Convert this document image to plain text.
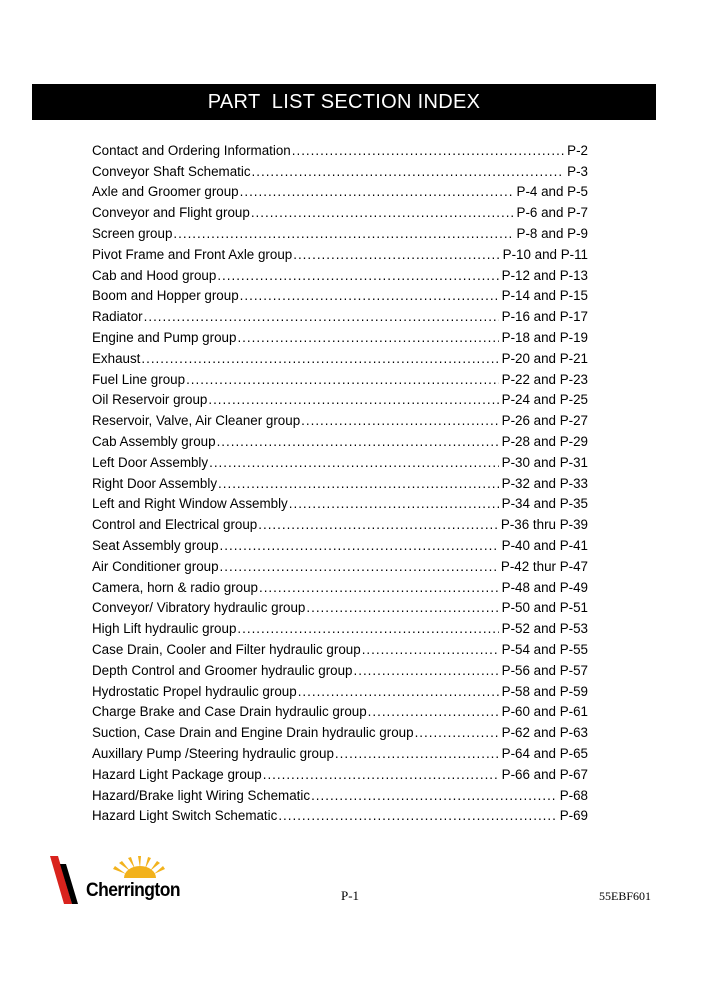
PART  LIST SECTION INDEX
Contact and Ordering Information .....	P-2
Conveyor Shaft Schematic .....	P-3
Axle and Groomer group .....	P-4 and P-5
Conveyor and Flight group .....	P-6 and P-7
Screen group .....	P-8 and P-9
Pivot Frame and Front Axle group .....	P-10 and P-11
Cab and Hood group .....	P-12 and P-13
Boom and Hopper group .....	P-14 and P-15
Radiator .....	P-16 and P-17
Engine and Pump group .....	P-18 and P-19
Exhaust .....	P-20 and P-21
Fuel Line group .....	P-22 and P-23
Oil Reservoir group .....	P-24 and P-25
Reservoir, Valve, Air Cleaner group .....	P-26 and P-27
Cab Assembly group .....	P-28 and P-29
Left Door Assembly .....	P-30 and P-31
Right Door Assembly .....	P-32 and P-33
Left and Right Window Assembly .....	P-34 and P-35
Control and Electrical group .....	P-36 thru P-39
Seat Assembly group .....	P-40 and P-41
Air Conditioner group .....	P-42 thur P-47
Camera, horn & radio group .....	P-48 and P-49
Conveyor/ Vibratory hydraulic group .....	P-50 and P-51
High Lift hydraulic group .....	P-52 and P-53
Case Drain, Cooler and Filter hydraulic group .....	P-54 and P-55
Depth Control and Groomer hydraulic group .....	P-56 and P-57
Hydrostatic Propel hydraulic group .....	P-58 and P-59
Charge Brake and Case Drain hydraulic group .....	P-60 and P-61
Suction, Case Drain and Engine Drain hydraulic group .....	P-62 and P-63
Auxillary Pump /Steering hydraulic group .....	P-64 and P-65
Hazard Light Package group .....	P-66 and P-67
Hazard/Brake light Wiring Schematic .....	P-68
Hazard Light Switch Schematic .....	P-69
Cherrington	P-1	55EBF601
